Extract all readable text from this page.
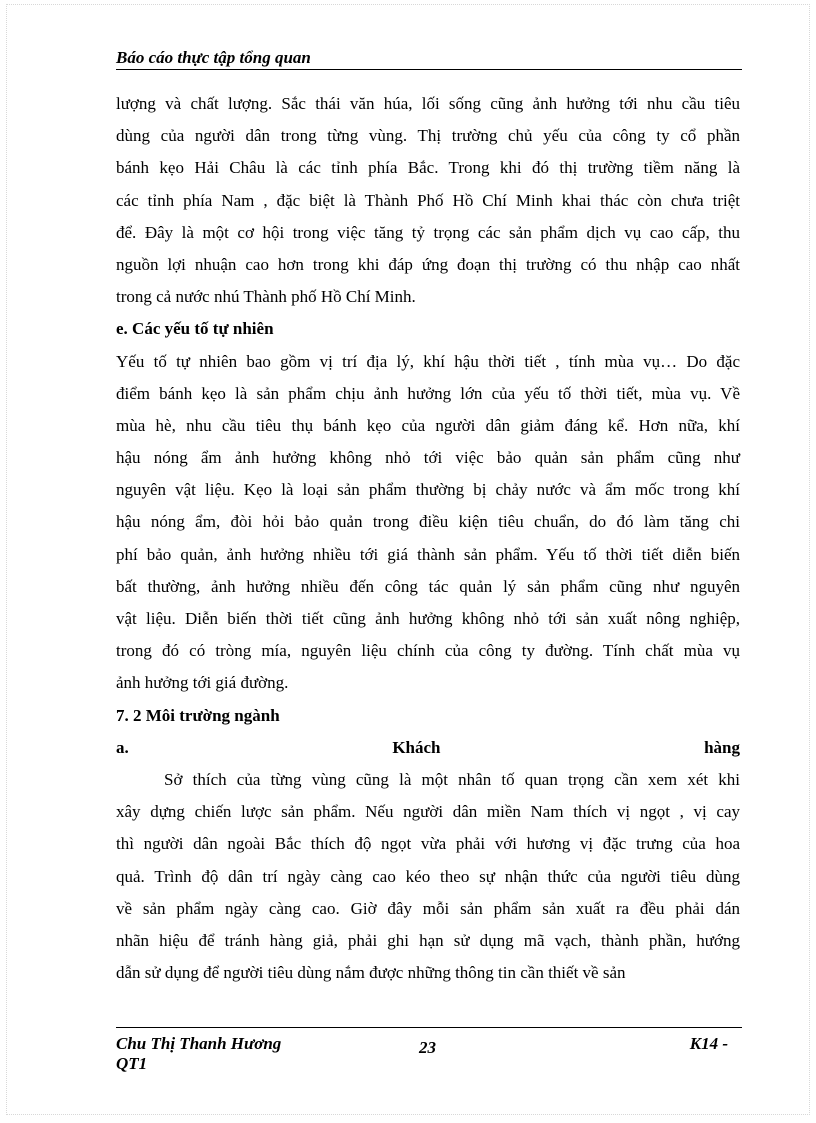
Báo cáo thực tập tổng quan
lượng và chất lượng. Sắc thái văn húa, lối sống cũng ảnh hưởng tới nhu cầu tiêu
dùng của người dân trong từng vùng. Thị trường chủ yếu của công ty cổ phần
bánh kẹo Hải Châu là các tỉnh phía Bắc. Trong khi đó thị trường tiềm năng là
các tỉnh phía Nam , đặc biệt là Thành Phố Hồ Chí Minh khai thác còn chưa triệt
để. Đây là một cơ hội trong việc tăng tỷ trọng các sản phẩm dịch vụ cao cấp, thu
nguồn lợi nhuận cao hơn trong khi đáp ứng đoạn thị trường có thu nhập cao nhất
trong cả nước nhú Thành phố Hồ Chí Minh.
e. Các yếu tố tự nhiên
Yếu tố tự nhiên bao gồm vị trí địa lý, khí hậu thời tiết , tính mùa vụ… Do đặc
điểm bánh kẹo là sản phẩm chịu ảnh hưởng lớn của yếu tố thời tiết, mùa vụ. Về
mùa hè, nhu cầu tiêu thụ bánh kẹo của người dân giảm đáng kể. Hơn nữa, khí
hậu nóng ẩm ảnh hưởng không nhỏ tới việc bảo quản sản phẩm cũng như
nguyên vật liệu. Kẹo là loại sản phẩm thường bị chảy nước và ẩm mốc trong khí
hậu nóng ẩm, đòi hỏi bảo quản trong điều kiện tiêu chuẩn, do đó làm tăng chi
phí bảo quản, ảnh hưởng nhiều tới giá thành sản phẩm. Yếu tố thời tiết diễn biến
bất thường, ảnh hưởng nhiều đến công tác quản lý sản phẩm cũng như nguyên
vật liệu. Diễn biến thời tiết cũng ảnh hưởng không nhỏ tới sản xuất nông nghiệp,
trong đó có tròng mía, nguyên liệu chính của công ty đường. Tính chất mùa vụ
ảnh hưởng tới giá đường.
7. 2 Môi trường ngành
a. Khách hàng
Sở thích của từng vùng cũng là một nhân tố quan trọng cần xem xét khi
xây dựng chiến lược sản phẩm. Nếu người dân miền Nam thích vị ngọt , vị cay
thì người dân ngoài Bắc thích độ ngọt vừa phải với hương vị đặc trưng của hoa
quả. Trình độ dân trí ngày càng cao kéo theo sự nhận thức của người tiêu dùng
về sản phẩm ngày càng cao. Giờ đây mỗi sản phẩm sản xuất ra đều phải dán
nhãn hiệu để tránh hàng giả, phải ghi hạn sử dụng mã vạch, thành phần, hướng
dẫn sử dụng để người tiêu dùng nắm được những thông tin cần thiết về sản
Chu Thị Thanh Hương
QT1
23	K14 -
